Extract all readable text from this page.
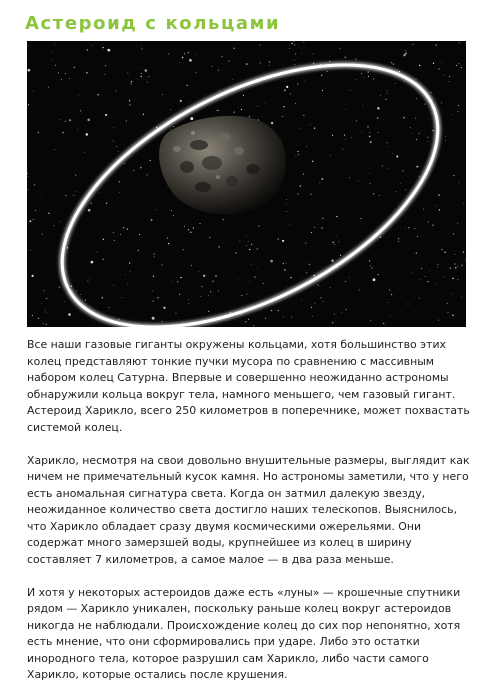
Астероид с кольцами

Все наши газовые гиганты окружены кольцами, хотя большинство этих колец представляют тонкие пучки мусора по сравнению с массивным набором колец Сатурна. Впервые и совершенно неожиданно астрономы обнаружили кольца вокруг тела, намного меньшего, чем газовый гигант. Астероид Харикло, всего 250 километров в поперечнике, может похвастать системой колец.

Харикло, несмотря на свои довольно внушительные размеры, выглядит как ничем не примечательный кусок камня. Но астрономы заметили, что у него есть аномальная сигнатура света. Когда он затмил далекую звезду, неожиданное количество света достигло наших телескопов. Выяснилось, что Харикло обладает сразу двумя космическими ожерельями. Они содержат много замерзшей воды, крупнейшее из колец в ширину составляет 7 километров, а самое малое — в два раза меньше.

И хотя у некоторых астероидов даже есть «луны» — крошечные спутники рядом — Харикло уникален, поскольку раньше колец вокруг астероидов никогда не наблюдали. Происхождение колец до сих пор непонятно, хотя есть мнение, что они сформировались при ударе. Либо это остатки инородного тела, которое разрушил сам Харикло, либо части самого Харикло, которые остались после крушения.
